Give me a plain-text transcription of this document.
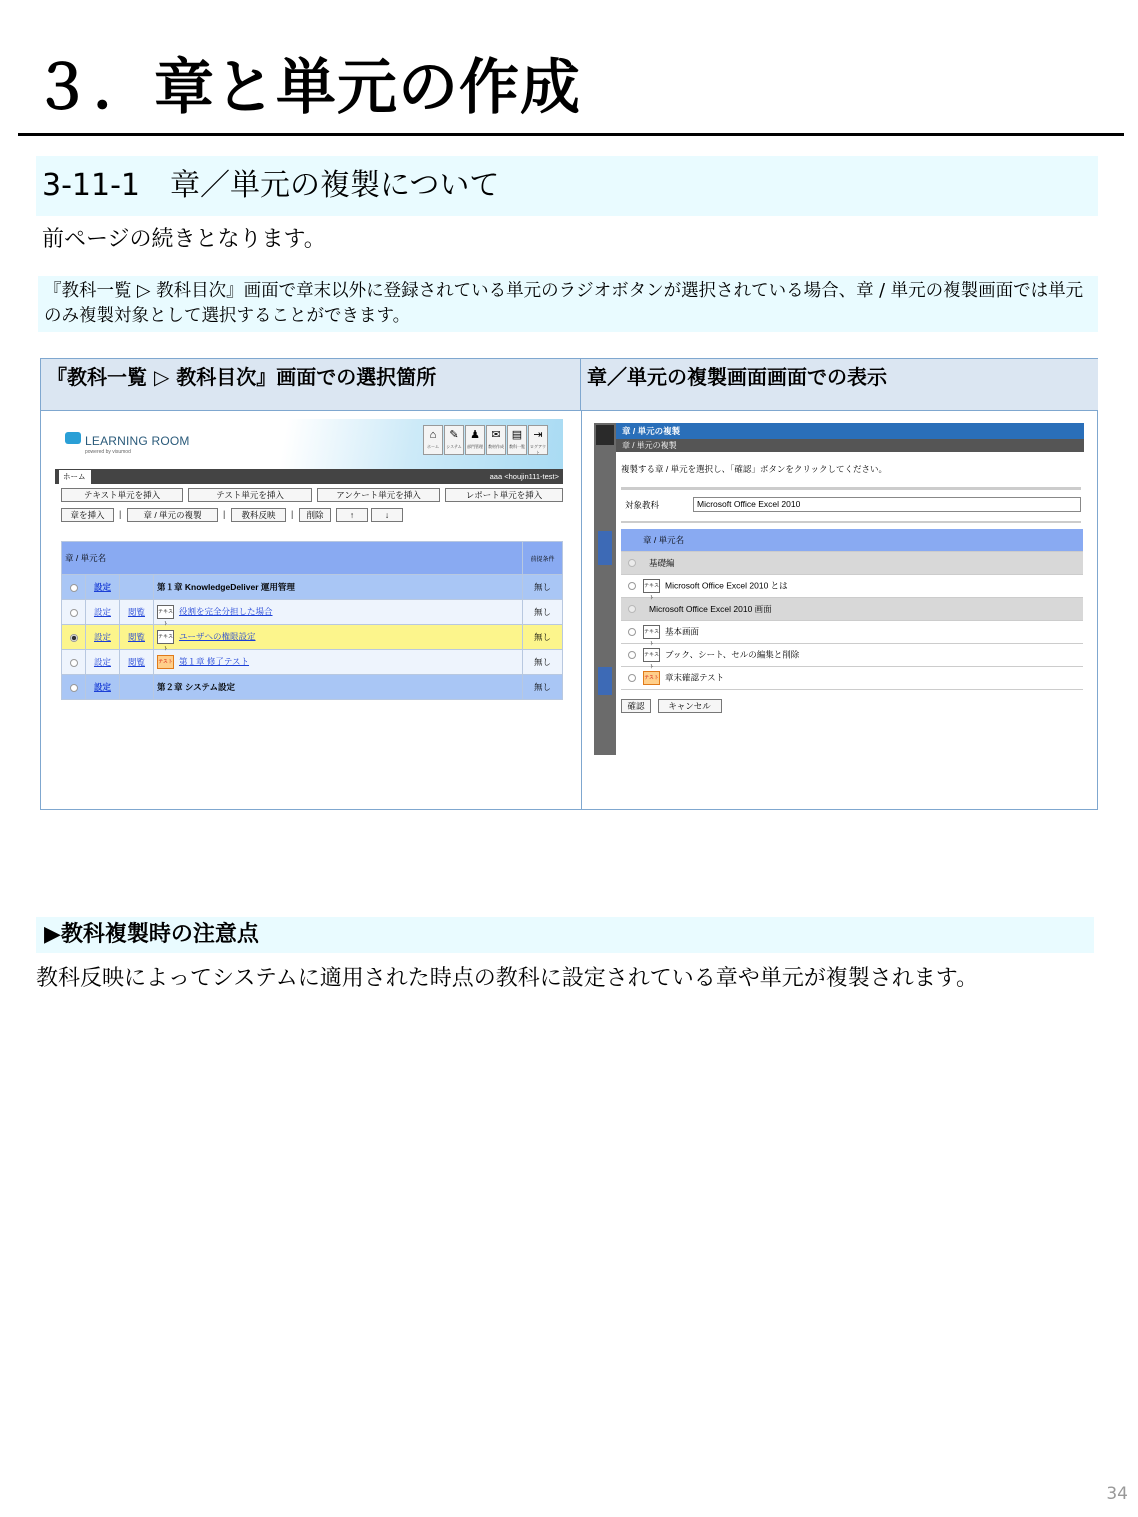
３．章と単元の作成
3-11-1　章／単元の複製について
前ページの続きとなります。
『教科一覧 ▷ 教科目次』画面で章末以外に登録されている単元のラジオボタンが選択されている場合、章 / 単元の複製画面では単元のみ複製対象として選択することができます。
『教科一覧 ▷ 教科目次』画面での選択箇所	章／単元の複製画面画面での表示
LEARNING ROOM
powered by visumod
⌂
ホーム
✎
システム
♟
部門管理
✉
教材作成
▤
教科一覧
⇥
ログアウト
ホーム	aaa <houjin111-test>
テキスト単元を挿入	テスト単元を挿入	アンケート単元を挿入	レポート単元を挿入
章を挿入	|	章 / 単元の複製	|	教科反映	|	削除	↑	↓
章 / 単元名				前提条件
	設定		第１章 KnowledgeDeliver 運用管理	無し
	設定	閲覧	テキスト役割を完全分担した場合	無し
	設定	閲覧	テキストユーザへの権限設定	無し
	設定	閲覧	テスト 第１章 修了テスト	無し
	設定		第２章 システム設定	無し
章 / 単元の複製
章 / 単元の複製
複製する章 / 単元を選択し、「確認」ボタンをクリックしてください。
対象教科	Microsoft Office Excel 2010
	章 / 単元名
	基礎編
	テキストMicrosoft Office Excel 2010 とは
	Microsoft Office Excel 2010 画面
	テキスト基本画面
	テキストブック、シート、セルの編集と削除
	テスト 章末確認テスト
確認	キャンセル
▶教科複製時の注意点
教科反映によってシステムに適用された時点の教科に設定されている章や単元が複製されます。
34
